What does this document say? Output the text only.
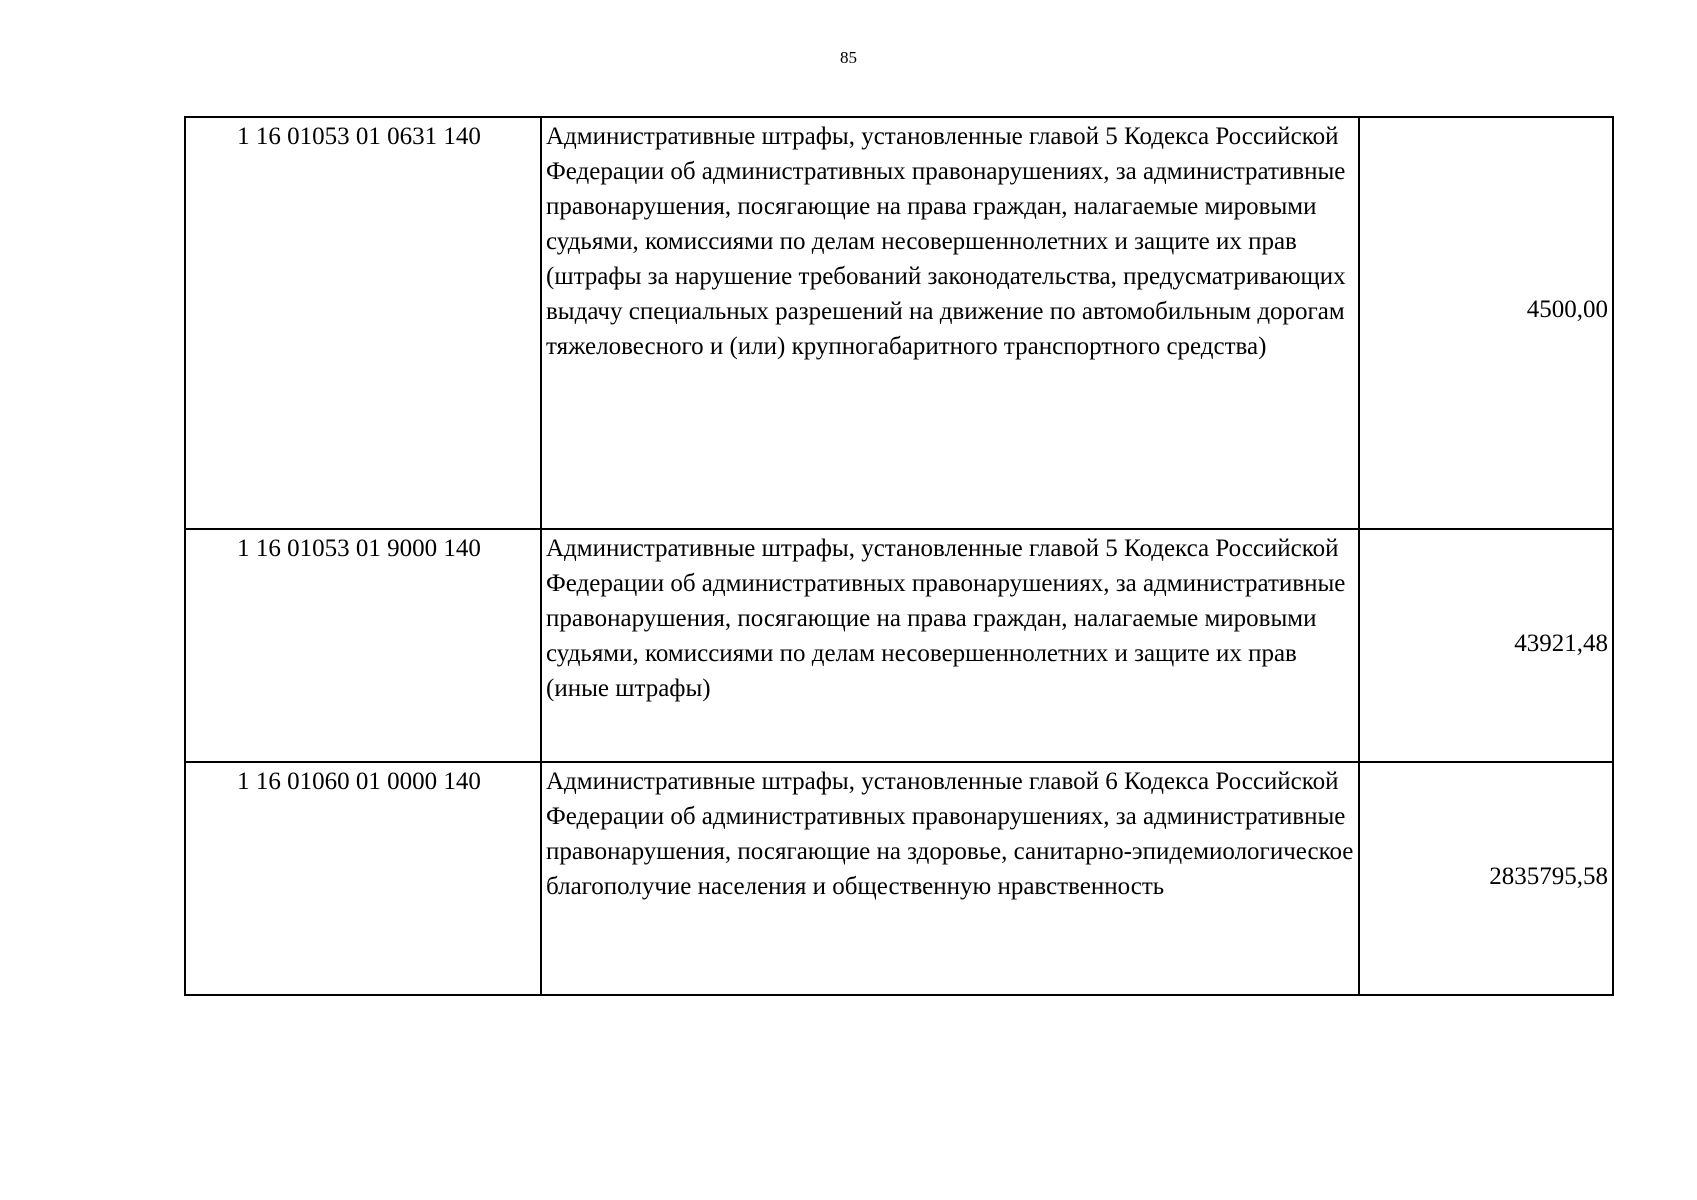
85
1 16 01053 01 0631 140	Административные штрафы, установленные главой 5 Кодекса Российской Федерации об административных правонарушениях, за административные правонарушения, посягающие на права граждан, налагаемые мировыми судьями, комиссиями по делам несовершеннолетних и защите их прав (штрафы за нарушение требований законодательства, предусматривающих выдачу специальных разрешений на движение по автомобильным дорогам тяжеловесного и (или) крупногабаритного транспортного средства)	4500,00
1 16 01053 01 9000 140	Административные штрафы, установленные главой 5 Кодекса Российской Федерации об административных правонарушениях, за административные правонарушения, посягающие на права граждан, налагаемые мировыми судьями, комиссиями по делам несовершеннолетних и защите их прав (иные штрафы)	43921,48
1 16 01060 01 0000 140	Административные штрафы, установленные главой 6 Кодекса Российской Федерации об административных правонарушениях, за административные правонарушения, посягающие на здоровье, санитарно-эпидемиологическое благополучие населения и общественную нравственность	2835795,58
